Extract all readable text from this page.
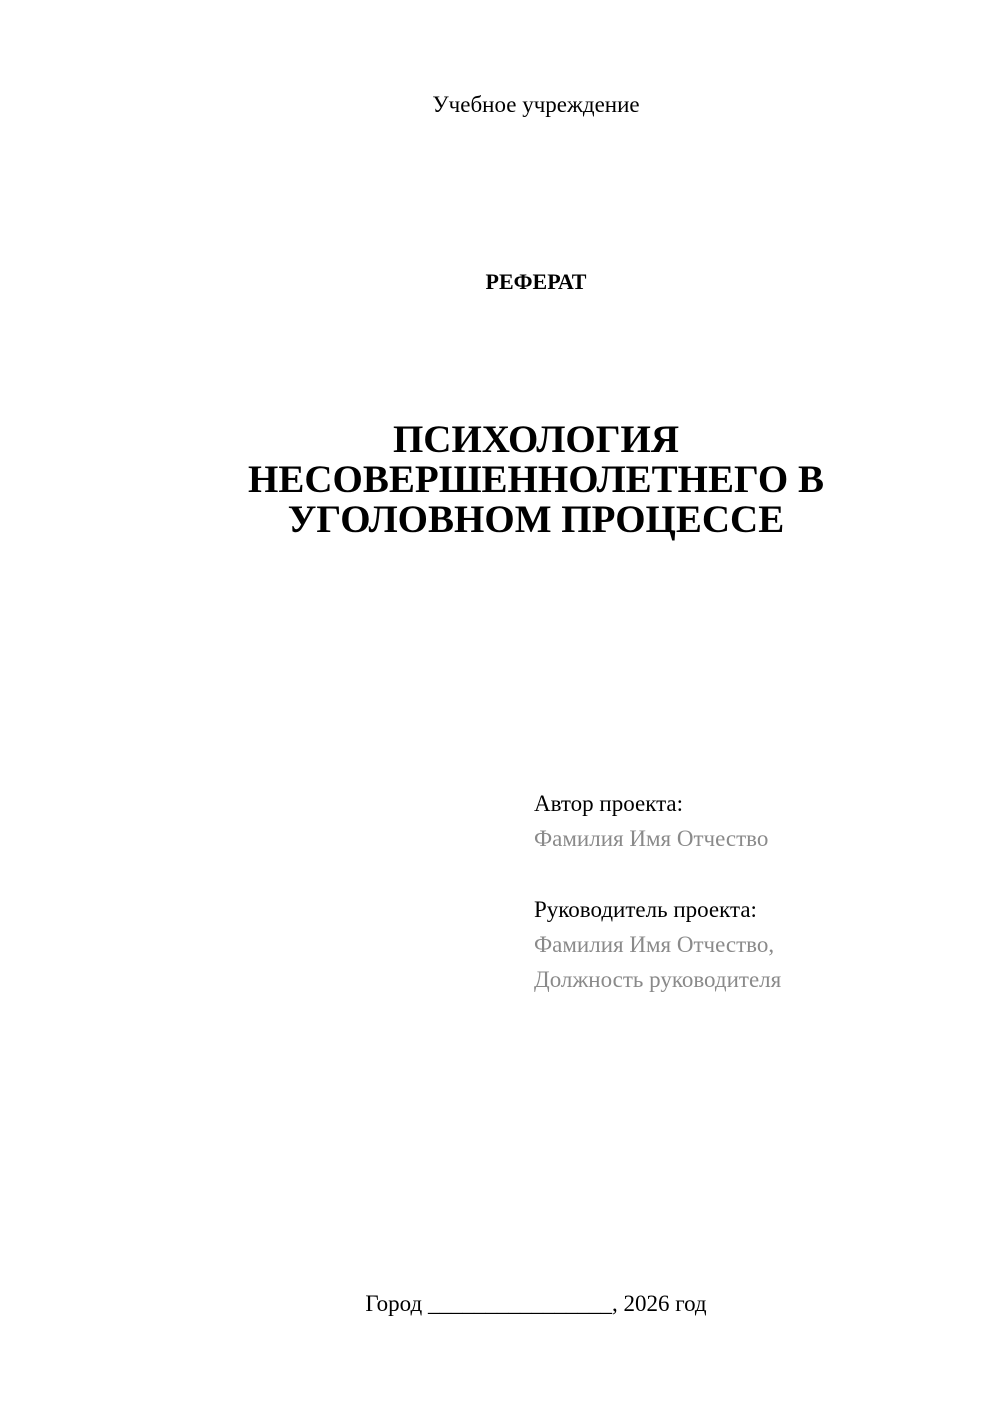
Учебное учреждение
РЕФЕРАТ
ПСИХОЛОГИЯ
НЕСОВЕРШЕННОЛЕТНЕГО В
УГОЛОВНОМ ПРОЦЕССЕ
Автор проекта:
Фамилия Имя Отчество
Руководитель проекта:
Фамилия Имя Отчество,
Должность руководителя
Город ________________, 2026 год
